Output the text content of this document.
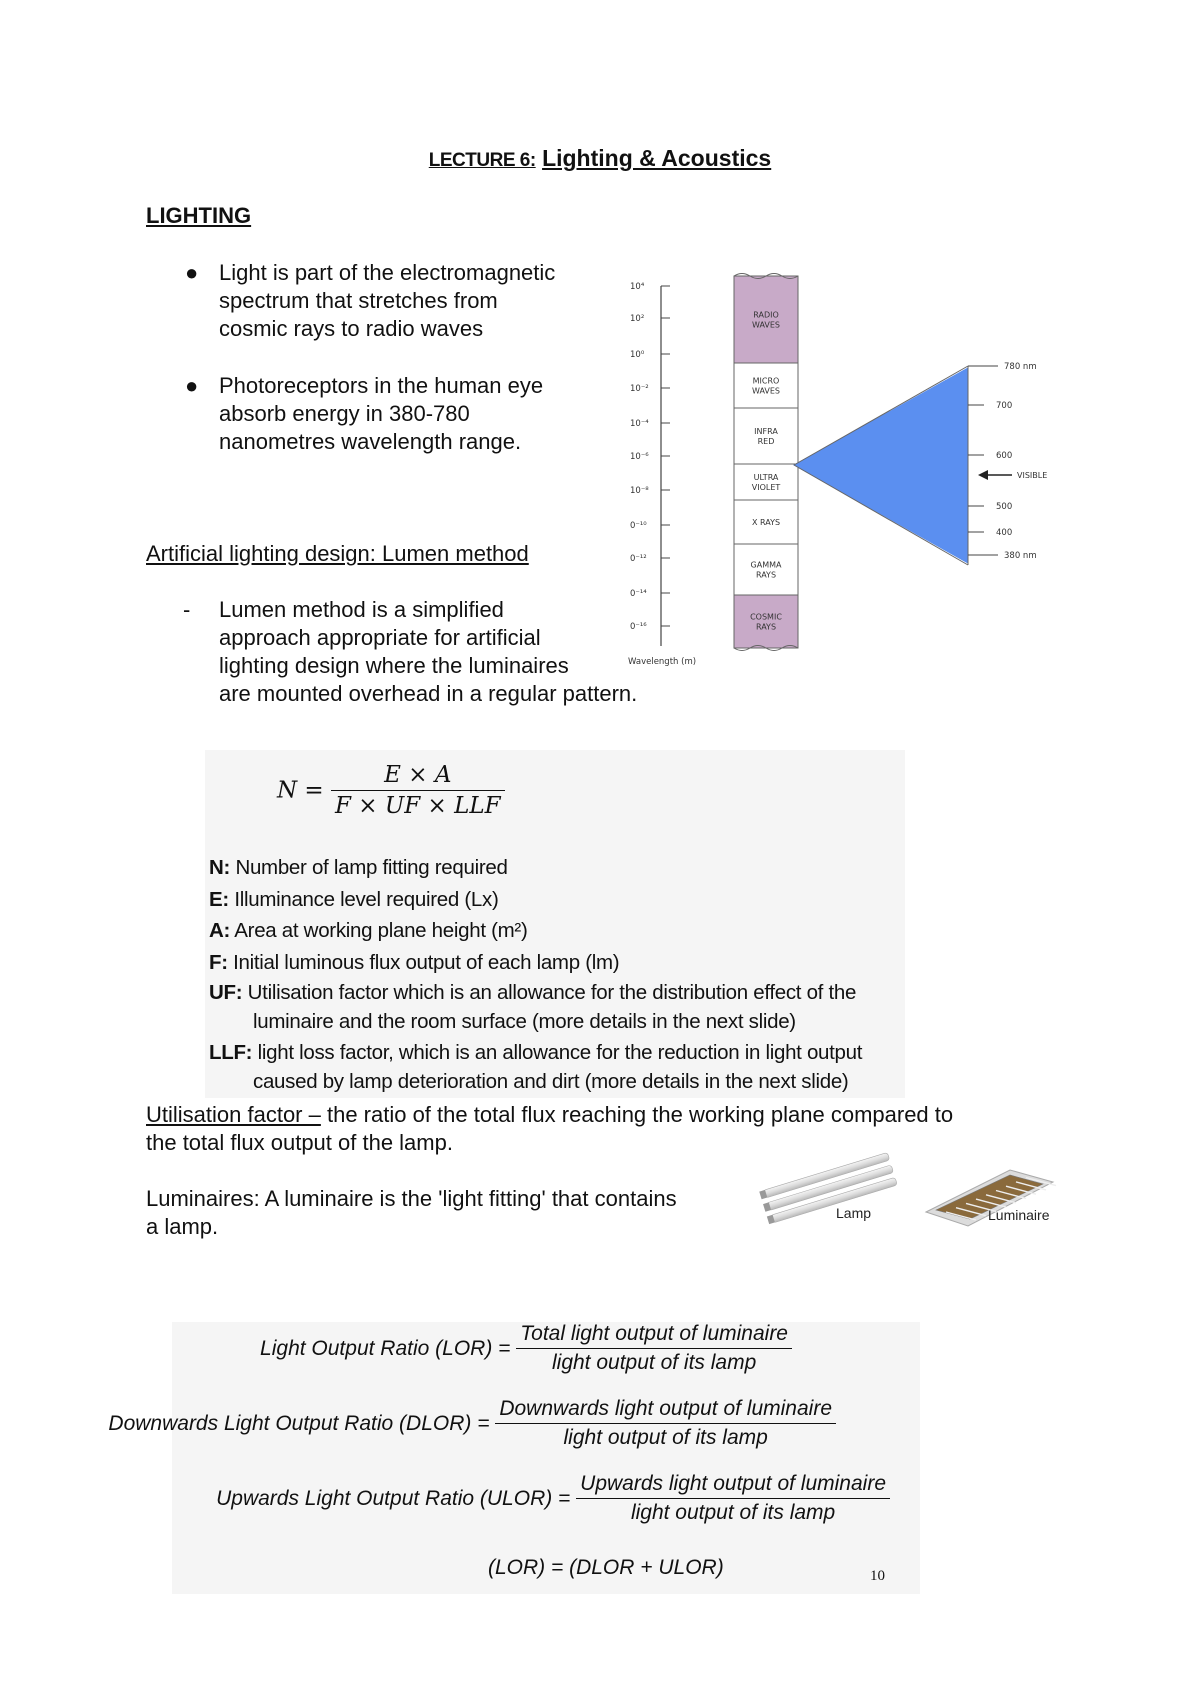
LECTURE 6: Lighting & Acoustics
LIGHTING
● Light is part of the electromagnetic
spectrum that stretches from
cosmic rays to radio waves
● Photoreceptors in the human eye
absorb energy in 380-780
nanometres wavelength range.
10⁴
10²
10⁰
10⁻²
10⁻⁴
10⁻⁶
10⁻⁸
0⁻¹⁰
0⁻¹²
0⁻¹⁴
0⁻¹⁶
Wavelength (m)
RADIO
WAVES
MICRO
WAVES
INFRA
RED
ULTRA
VIOLET
X RAYS
GAMMA
RAYS
COSMIC
RAYS
780 nm
700
600
500
400
380 nm
VISIBLE
Artificial lighting design: Lumen method
- Lumen method is a simplified
approach appropriate for artificial
lighting design where the luminaires
are mounted overhead in a regular pattern.
$N = \frac{E \times A}{\text{F × UF × LLF}}$
N: Number of lamp fitting required
E: Illuminance level required (Lx)
A: Area at working plane height (m²)
F: Initial luminous flux output of each lamp (lm)
UF: Utilisation factor which is an allowance for the distribution effect of the
luminaire and the room surface (more details in the next slide)
LLF: light loss factor, which is an allowance for the reduction in light output
caused by lamp deterioration and dirt (more details in the next slide)
Utilisation factor – the ratio of the total flux reaching the working plane compared to
the total flux output of the lamp.
Luminaires: A luminaire is the 'light fitting' that contains
a lamp.
Lamp	Luminaire
Light Output Ratio $(LOR) = \frac{\text{Total light output of luminaire}}{\text{light output of its lamp}}$
Downwards Light Output Ratio (DLOR) = $\frac{\text{Downwards light output of luminaire}}{\text{light output of its lamp}}$
Upwards Light Output Ratio (ULOR) = $\frac{\text{Upwards light output of luminaire}}{\text{light output of its lamp}}$
(LOR) = (DLOR + ULOR)	10
